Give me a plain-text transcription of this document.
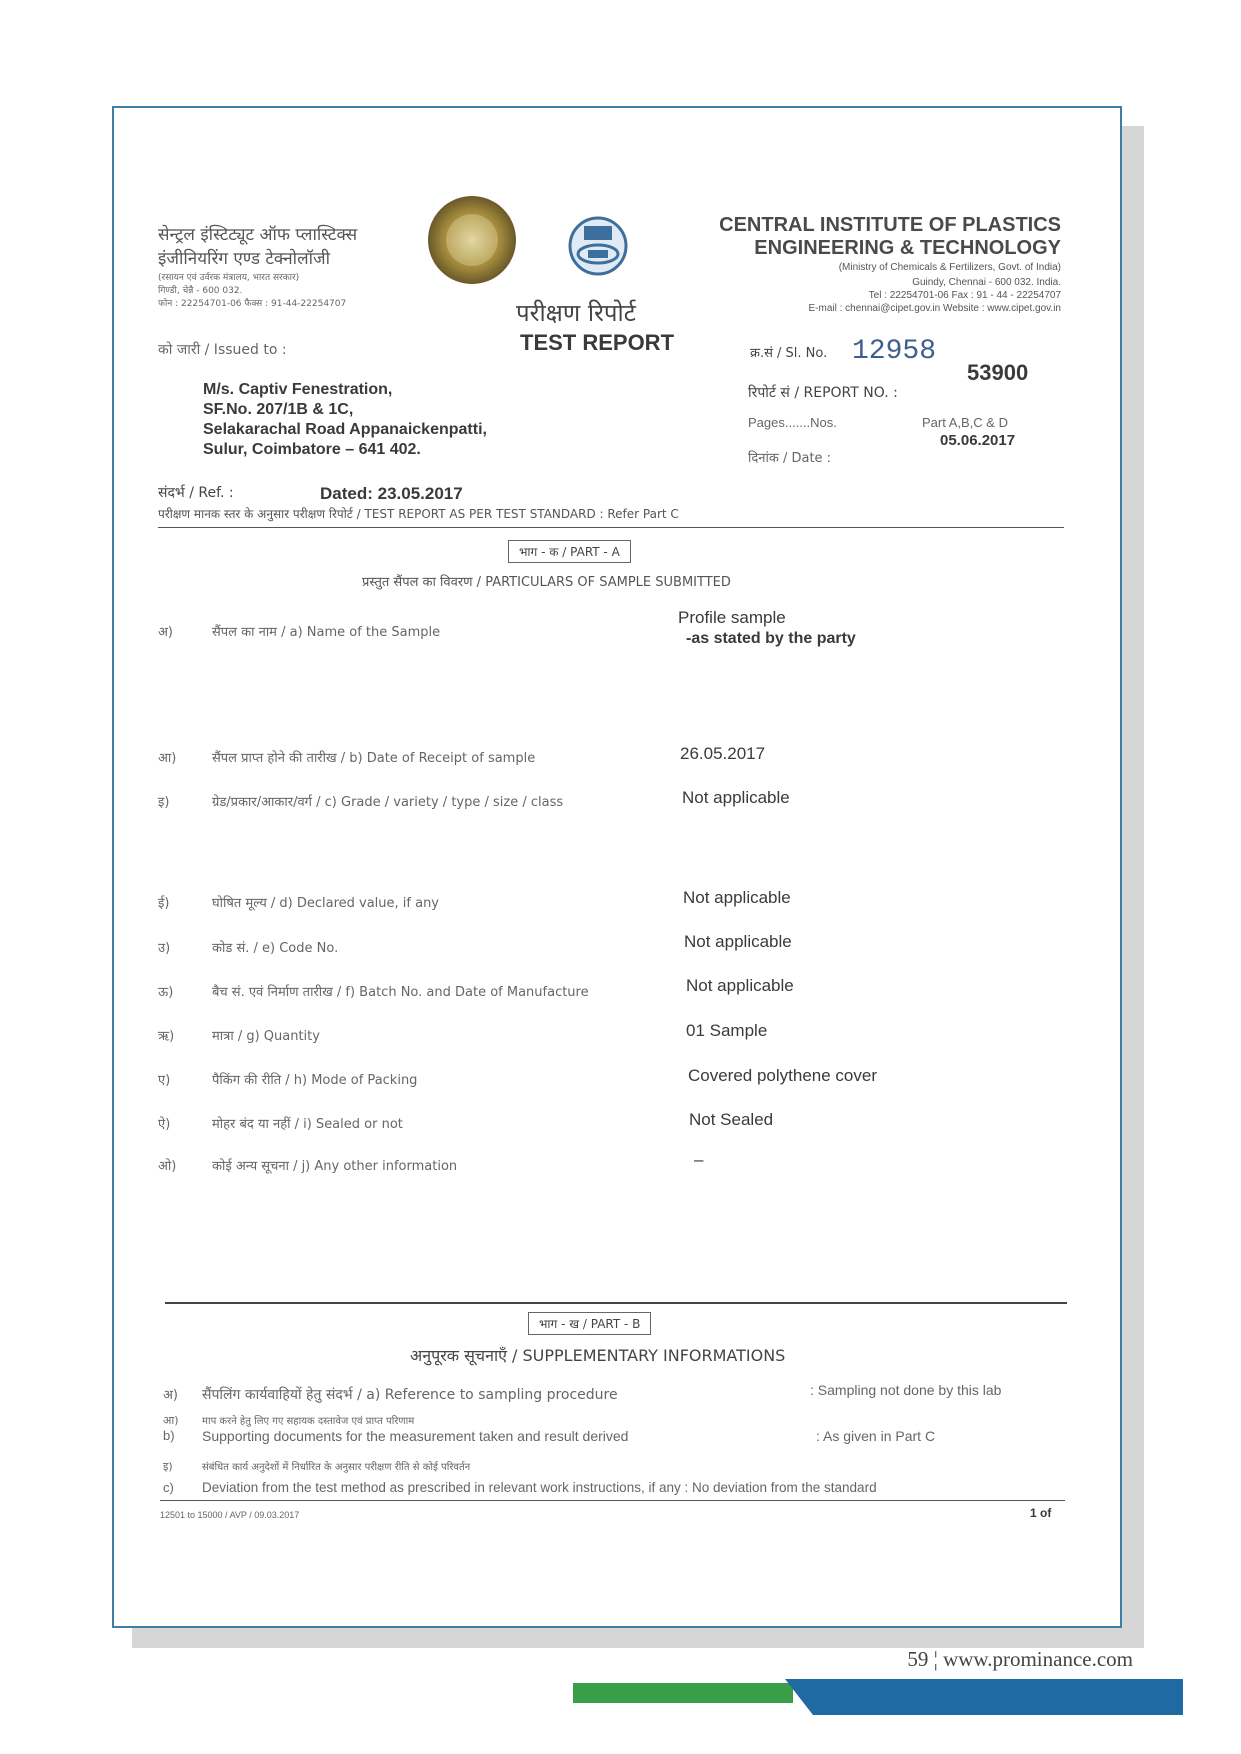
सेन्ट्रल इंस्टिट्यूट ऑफ प्लास्टिक्स
इंजीनियरिंग एण्ड टेक्नोलॉजी
(रसायन एवं उर्वरक मंत्रालय, भारत सरकार)
गिण्डी, चेन्नै - 600 032.
फोन : 22254701-06 फैक्स : 91-44-22254707	परीक्षण रिपोर्ट
TEST REPORT
CENTRAL INSTITUTE OF PLASTICS
ENGINEERING & TECHNOLOGY
(Ministry of Chemicals & Fertilizers, Govt. of India)
Guindy, Chennai - 600 032. India.
Tel : 22254701-06 Fax : 91 - 44 - 22254707
E-mail : chennai@cipet.gov.in Website : www.cipet.gov.in
को जारी / Issued to :
M/s. Captiv Fenestration,
SF.No. 207/1B & 1C,
Selakarachal Road Appanaickenpatti,
Sulur, Coimbatore – 641 402.
क्र.सं / Sl. No. 12958
53900
रिपोर्ट सं / REPORT NO. :
Pages.......Nos.	Part A,B,C & D
05.06.2017
दिनांक / Date :
संदर्भ / Ref. :	Dated: 23.05.2017
परीक्षण मानक स्तर के अनुसार परीक्षण रिपोर्ट / TEST REPORT AS PER TEST STANDARD : Refer Part C
भाग - क / PART - A
प्रस्तुत सैंपल का विवरण / PARTICULARS OF SAMPLE SUBMITTED
अ)	सैंपल का नाम / a) Name of the Sample
Profile sample
-as stated by the party
आ)	सैंपल प्राप्त होने की तारीख / b) Date of Receipt of sample	26.05.2017
इ)	ग्रेड/प्रकार/आकार/वर्ग / c) Grade / variety / type / size / class	Not applicable
ई)	घोषित मूल्य / d) Declared value, if any	Not applicable
उ)	कोड सं. / e) Code No.	Not applicable
ऊ)	बैच सं. एवं निर्माण तारीख / f) Batch No. and Date of Manufacture	Not applicable
ऋ)	मात्रा / g) Quantity	01 Sample
ए)	पैकिंग की रीति / h) Mode of Packing	Covered polythene cover
ऐ)	मोहर बंद या नहीं / i) Sealed or not	Not Sealed
ओ)	कोई अन्य सूचना / j) Any other information	–
भाग - ख / PART - B
अनुपूरक सूचनाएँ / SUPPLEMENTARY INFORMATIONS
अ) सैंपलिंग कार्यवाहियों हेतु संदर्भ / a) Reference to sampling procedure	: Sampling not done by this lab
आ) माप करने हेतु लिए गए सहायक दस्तावेज एवं प्राप्त परिणाम
b) Supporting documents for the measurement taken and result derived	: As given in Part C
इ)	संबंधित कार्य अनुदेशों में निर्धारित के अनुसार परीक्षण रीति से कोई परिवर्तन
c) Deviation from the test method as prescribed in relevant work instructions, if any : No deviation from the standard
12501 to 15000 / AVP / 09.03.2017	1 of
59 ¦ www.prominance.com
